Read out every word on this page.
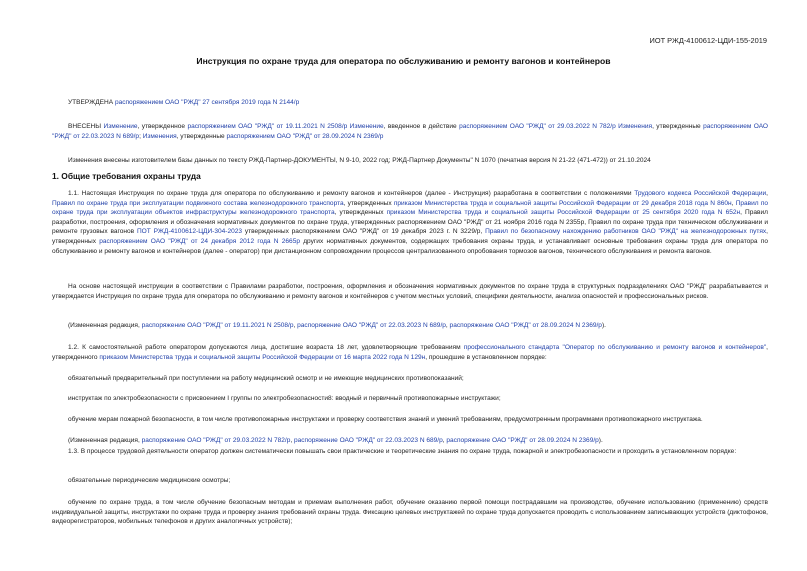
ИОТ РЖД-4100612-ЦДИ-155-2019
Инструкция по охране труда для оператора по обслуживанию и ремонту вагонов и контейнеров
УТВЕРЖДЕНА распоряжением ОАО "РЖД" 27 сентября 2019 года N 2144/р
ВНЕСЕНЫ Изменение, утвержденное распоряжением ОАО "РЖД" от 19.11.2021 N 2508/р Изменение, введенное в действие распоряжением ОАО "РЖД" от 29.03.2022 N 782/р Изменения, утвержденные распоряжением ОАО "РЖД" от 22.03.2023 N 689/р; Изменения, утвержденные распоряжением ОАО "РЖД" от 28.09.2024 N 2369/р
Изменения внесены изготовителем базы данных по тексту РЖД-Партнер-ДОКУМЕНТЫ, N 9-10, 2022 год; РЖД-Партнер Документы" N 1070 (печатная версия N 21-22 (471-472)) от 21.10.2024
1. Общие требования охраны труда
1.1. Настоящая Инструкция по охране труда для оператора по обслуживанию и ремонту вагонов и контейнеров (далее - Инструкция) разработана в соответствии с положениями Трудового кодекса Российской Федерации, Правил по охране труда при эксплуатации подвижного состава железнодорожного транспорта, утвержденных приказом Министерства труда и социальной защиты Российской Федерации от 29 декабря 2018 года N 860н, Правил по охране труда при эксплуатации объектов инфраструктуры железнодорожного транспорта, утвержденных приказом Министерства труда и социальной защиты Российской Федерации от 25 сентября 2020 года N 652н, Правил разработки, построения, оформления и обозначения нормативных документов по охране труда, утвержденных распоряжением ОАО "РЖД" от 21 ноября 2016 года N 2355р, Правил по охране труда при техническом обслуживании и ремонте грузовых вагонов ПОТ РЖД-4100612-ЦДИ-304-2023 утвержденных распоряжением ОАО "РЖД" от 19 декабря 2023 г. N 3229/р, Правил по безопасному нахождению работников ОАО "РЖД" на железнодорожных путях, утвержденных распоряжением ОАО "РЖД" от 24 декабря 2012 года N 2665р других нормативных документов, содержащих требования охраны труда, и устанавливает основные требования охраны труда для оператора по обслуживанию и ремонту вагонов и контейнеров (далее - оператор) при дистанционном сопровождении процессов централизованного опробования тормозов вагонов, технического обслуживания и ремонта вагонов.
На основе настоящей инструкции в соответствии с Правилами разработки, построения, оформления и обозначения нормативных документов по охране труда в структурных подразделениях ОАО "РЖД" разрабатывается и утверждается Инструкция по охране труда для оператора по обслуживанию и ремонту вагонов и контейнеров с учетом местных условий, специфики деятельности, анализа опасностей и профессиональных рисков.
(Измененная редакция, распоряжение ОАО "РЖД" от 19.11.2021 N 2508/р, распоряжение ОАО "РЖД" от 22.03.2023 N 689/р, распоряжение ОАО "РЖД" от 28.09.2024 N 2369/р).
1.2. К самостоятельной работе оператором допускаются лица, достигшие возраста 18 лет, удовлетворяющие требованиям профессионального стандарта "Оператор по обслуживанию и ремонту вагонов и контейнеров", утвержденного приказом Министерства труда и социальной защиты Российской Федерации от 16 марта 2022 года N 129н, прошедшие в установленном порядке:
обязательный предварительный при поступлении на работу медицинский осмотр и не имеющие медицинских противопоказаний;
инструктаж по электробезопасности с присвоением I группы по электробезопасности8: вводный и первичный противопожарные инструктажи;
обучение мерам пожарной безопасности, в том числе противопожарные инструктажи и проверку соответствия знаний и умений требованиям, предусмотренным программами противопожарного инструктажа.
(Измененная редакция, распоряжение ОАО "РЖД" от 29.03.2022 N 782/р, распоряжение ОАО "РЖД" от 22.03.2023 N 689/р, распоряжение ОАО "РЖД" от 28.09.2024 N 2369/р).
1.3. В процессе трудовой деятельности оператор должен систематически повышать свои практические и теоретические знания по охране труда, пожарной и электробезопасности и проходить в установленном порядке:
обязательные периодические медицинские осмотры;
обучение по охране труда, в том числе обучение безопасным методам и приемам выполнения работ, обучение оказанию первой помощи пострадавшим на производстве, обучение использованию (применению) средств индивидуальной защиты, инструктажи по охране труда и проверку знания требований охраны труда. Фиксацию целевых инструктажей по охране труда допускается проводить с использованием записывающих устройств (диктофонов, видеорегистраторов, мобильных телефонов и других аналогичных устройств);
